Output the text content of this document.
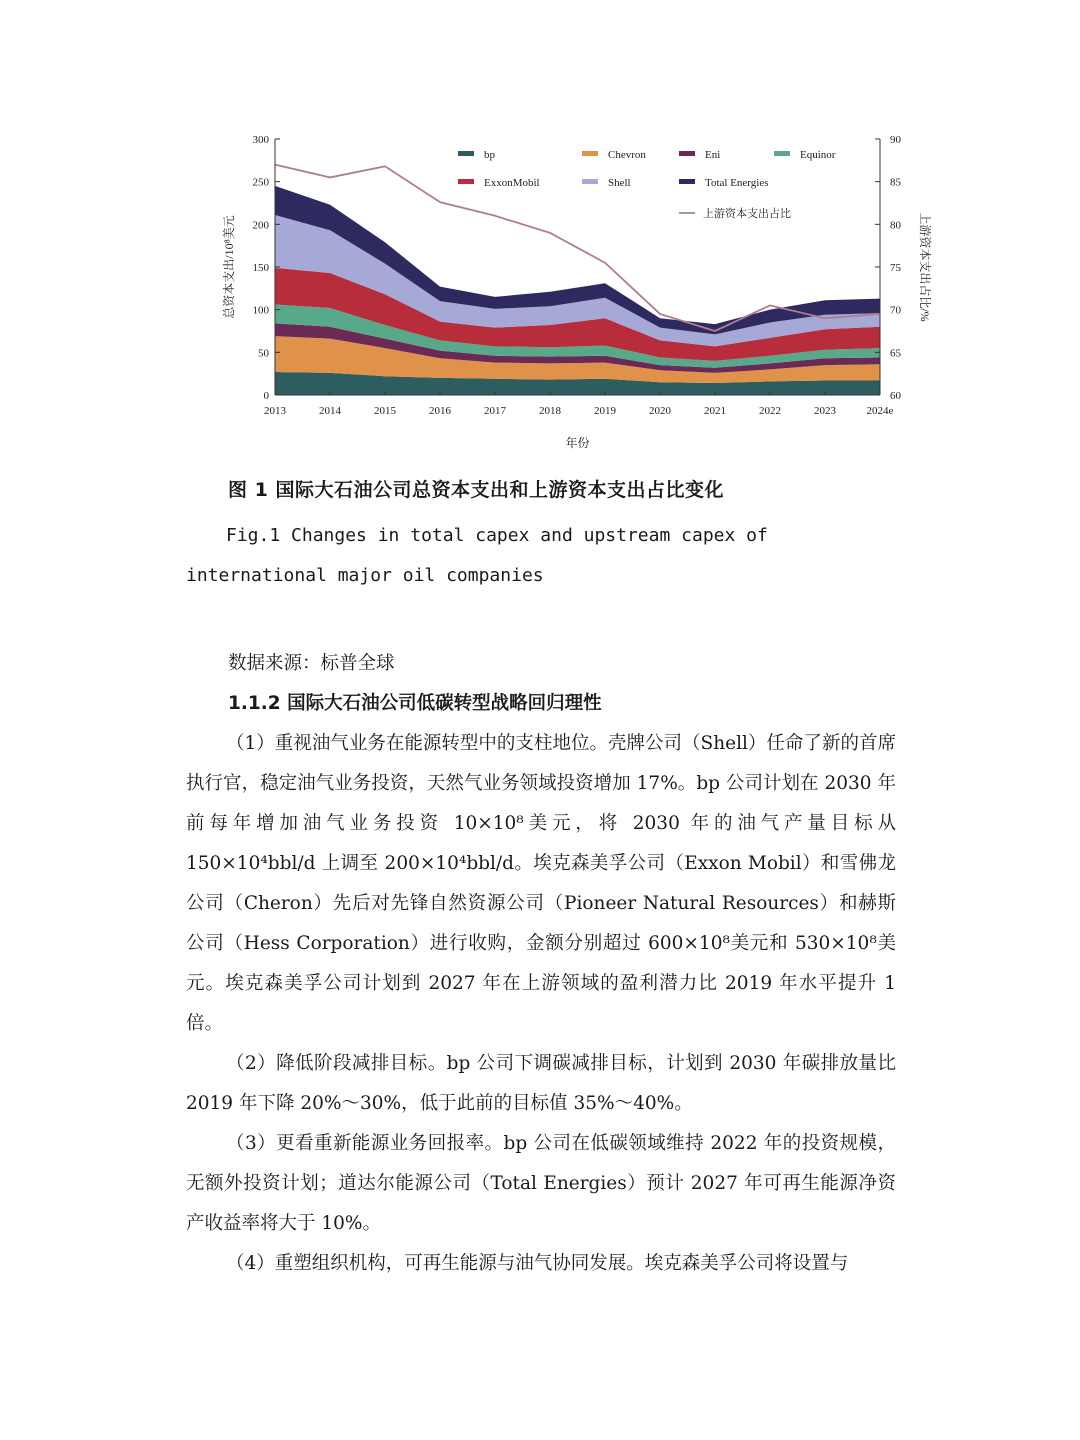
0
50
100
150
200
250
300
60
65
70
75
80
85
90
2013	2014	2015	2016	2017	2018	2019	2020	2021	2022	2023	2024e
年份
总资本支出/10⁸美元	上游资本支出占比/%
bp	Chevron	Eni	Equinor
ExxonMobil	Shell	Total Energies
上游资本支出占比
图 1 国际大石油公司总资本支出和上游资本支出占比变化
Fig.1 Changes in total capex and upstream capex of international major oil companies
数据来源：标普全球
1.1.2 国际大石油公司低碳转型战略回归理性

（1）重视油气业务在能源转型中的支柱地位。壳牌公司（Shell）任命了新的首席执行官，稳定油气业务投资，天然气业务领域投资增加 17%。bp 公司计划在 2030 年前每年增加油气业务投资 10×10⁸美元，将 2030 年的油气产量目标从 150×10⁴bbl/d 上调至 200×10⁴bbl/d。埃克森美孚公司（Exxon Mobil）和雪佛龙公司（Cheron）先后对先锋自然资源公司（Pioneer Natural Resources）和赫斯公司（Hess Corporation）进行收购，金额分别超过 600×10⁸美元和 530×10⁸美元。埃克森美孚公司计划到 2027 年在上游领域的盈利潜力比 2019 年水平提升 1 倍。

（2）降低阶段减排目标。bp 公司下调碳减排目标，计划到 2030 年碳排放量比 2019 年下降 20%～30%，低于此前的目标值 35%～40%。

（3）更看重新能源业务回报率。bp 公司在低碳领域维持 2022 年的投资规模，无额外投资计划；道达尔能源公司（Total Energies）预计 2027 年可再生能源净资产收益率将大于 10%。

（4）重塑组织机构，可再生能源与油气协同发展。埃克森美孚公司将设置与
